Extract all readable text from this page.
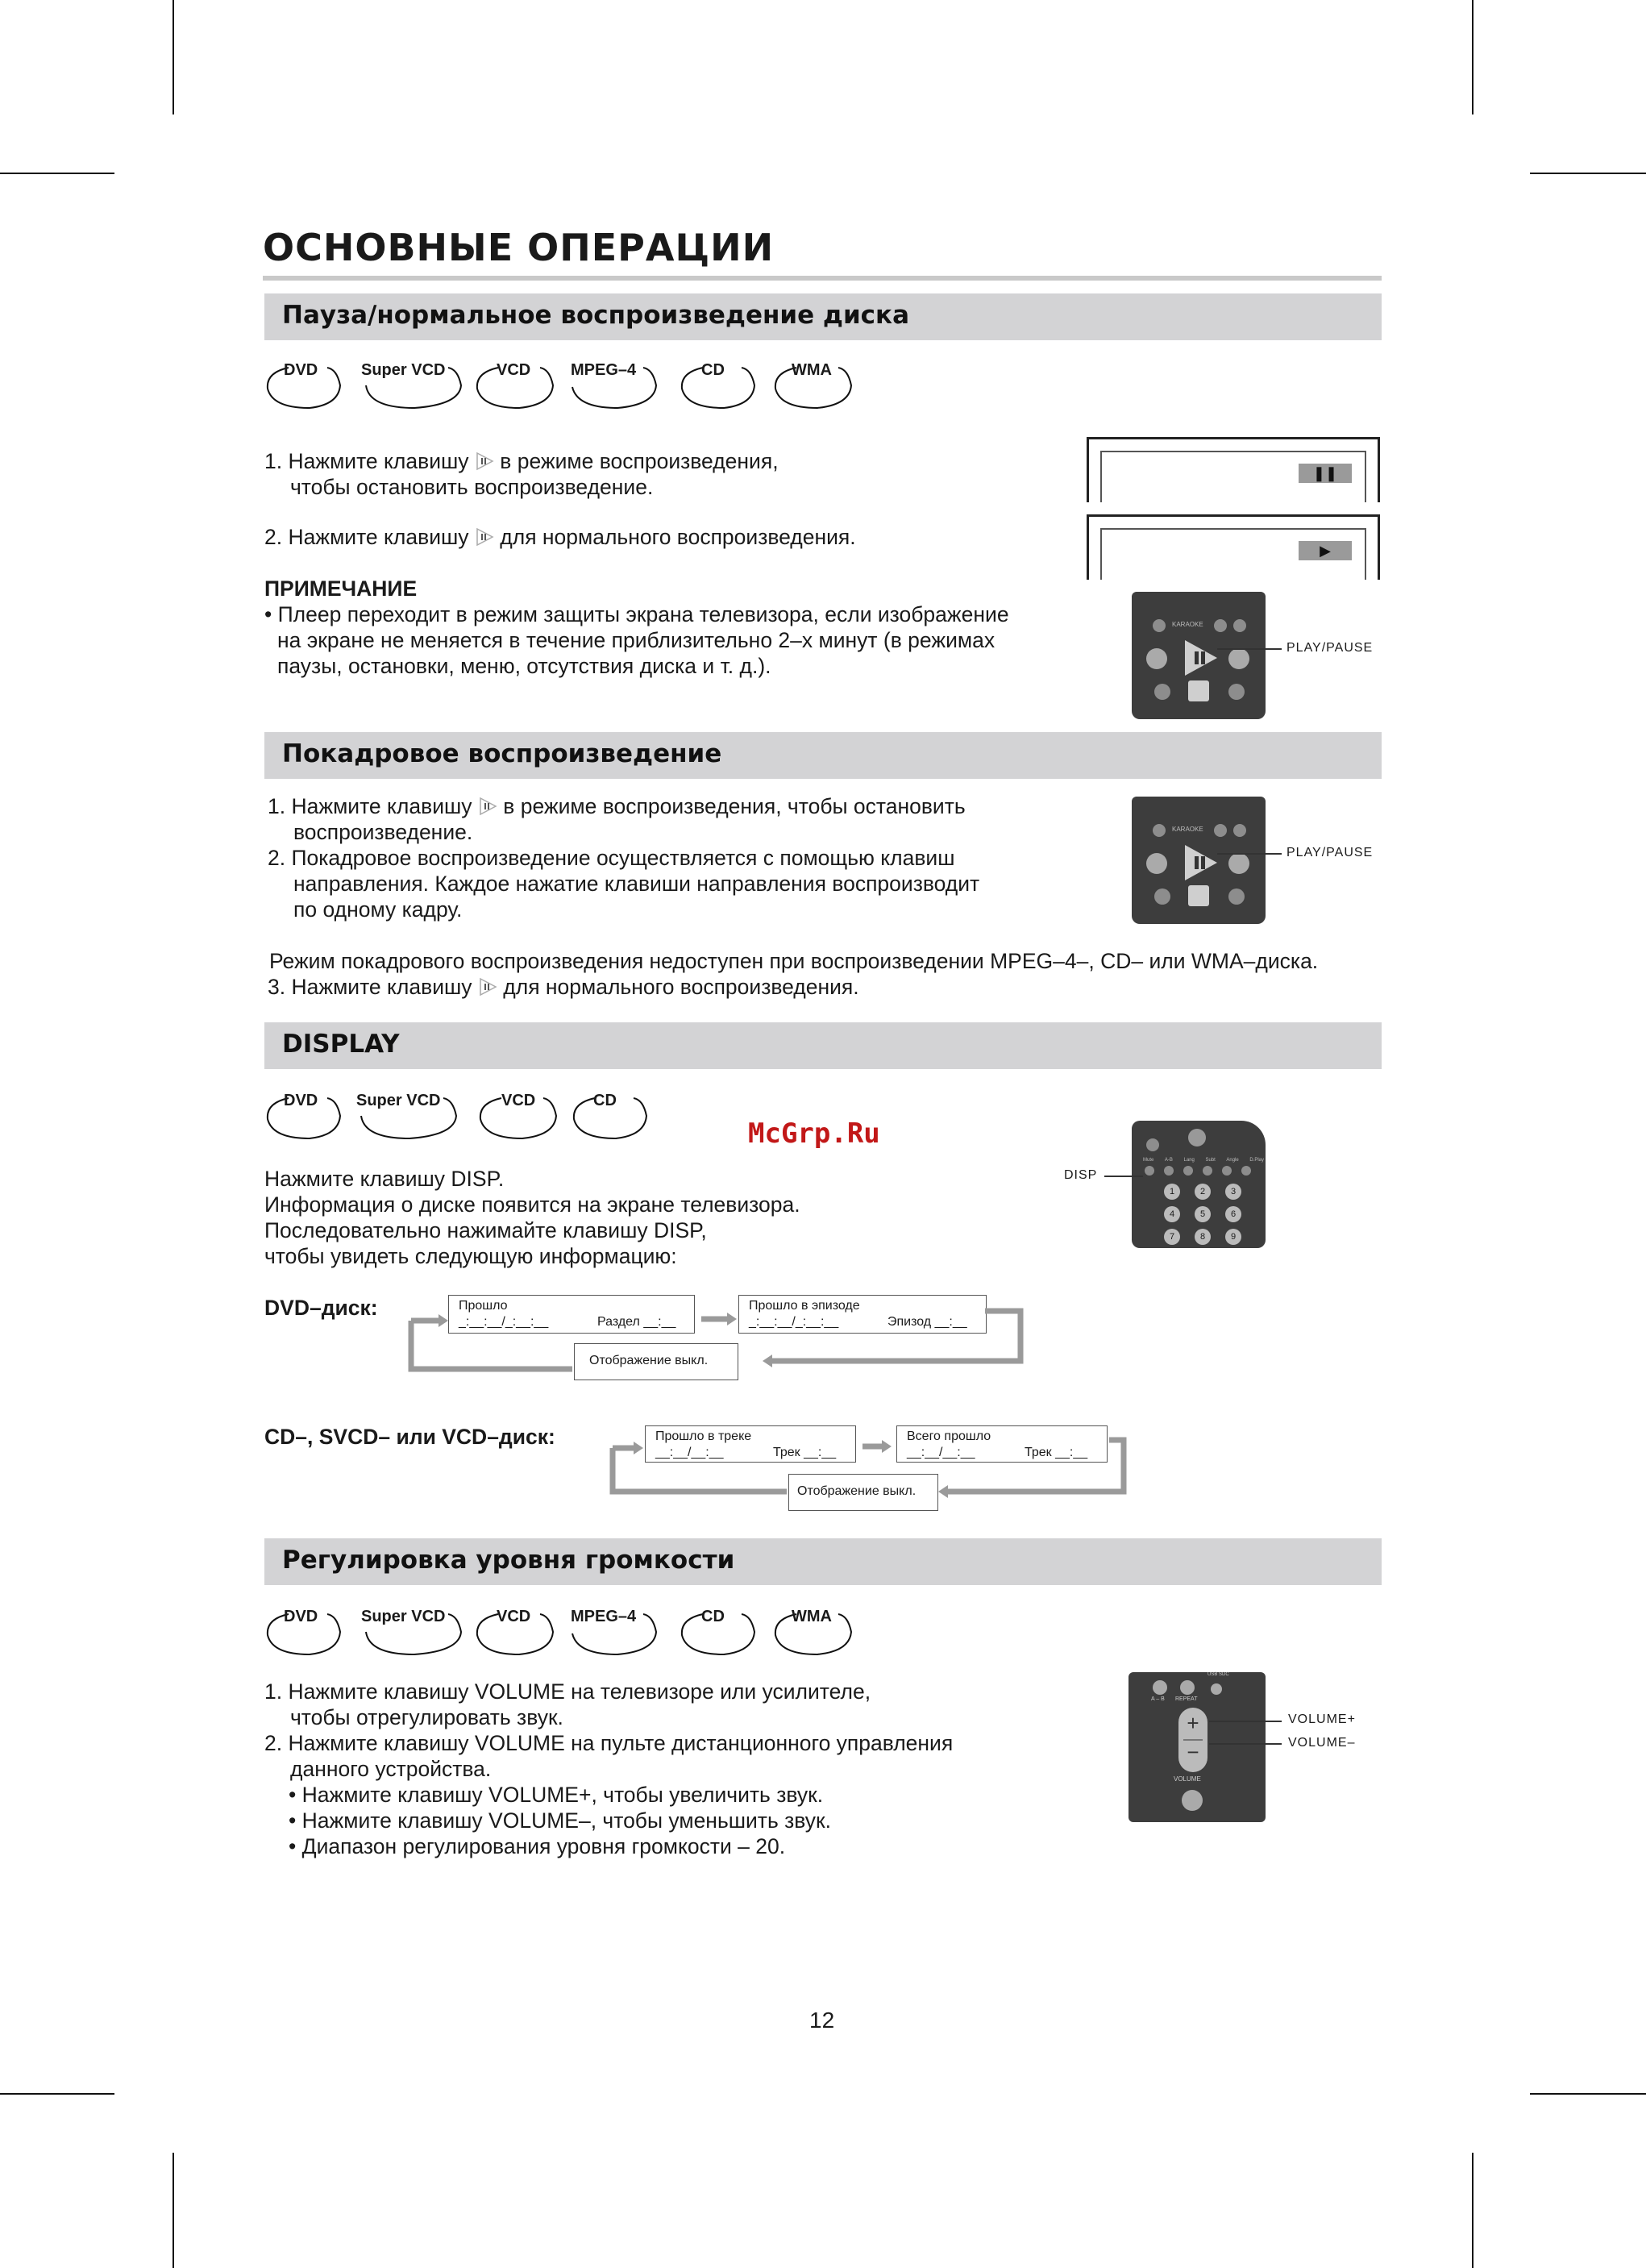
ОСНОВНЫЕ ОПЕРАЦИИ
Пауза/нормальное воспроизведение диска
DVD	Super VCD	VCD MPEG–4	CD	WMA
1. Нажмите клавишу в режиме воспроизведения,
чтобы остановить воспроизведение.
2. Нажмите клавишу для нормального воспроизведения.
ПРИМЕЧАНИЕ
• Плеер переходит в режим защиты экрана телевизора, если изображение
на экране не меняется в течение приблизительно 2–х минут (в режимах
паузы, остановки, меню, отсутствия диска и т. д.).
❚❚
▶
KARAOKE
PLAY/PAUSE
Покадровое воспроизведение
1. Нажмите клавишу в режиме воспроизведения, чтобы остановить
воспроизведение.
2. Покадровое воспроизведение осуществляется с помощью клавиш
направления. Каждое нажатие клавиши направления воспроизводит
по одному кадру.
Режим покадрового воспроизведения недоступен при воспроизведении MPEG–4–, CD– или WMA–диска.
3. Нажмите клавишу для нормального воспроизведения.
KARAOKE
PLAY/PAUSE
DISPLAY
DVD Super VCD	VCD	CD
McGrp.Ru
Нажмите клавишу DISP.
Информация о диске появится на экране телевизора.
Последовательно нажимайте клавишу DISP,
чтобы увидеть следующую информацию:
Mute A-B Lang Subt Angle D.Play
1	2	3
4	5	6
7	8	9
DISP
DVD–диск:	Прошло
_:__:__/_:__:__	Раздел __:__
Прошло в эпизоде
_:__:__/_:__:__	Эпизод __:__
Отображение выкл.
CD–, SVCD– или VCD–диск:	Прошло в треке
__:__/__:__	Трек __:__
Всего прошло
__:__/__:__	Трек __:__
Отображение выкл.
Регулировка уровня громкости
DVD	Super VCD	VCD MPEG–4	CD	WMA
1. Нажмите клавишу VOLUME на телевизоре или усилителе,
чтобы отрегулировать звук.
2. Нажмите клавишу VOLUME на пульте дистанционного управления
данного устройства.
• Нажмите клавишу VOLUME+, чтобы увеличить звук.
• Нажмите клавишу VOLUME–, чтобы уменьшить звук.
• Диапазон регулирования уровня громкости – 20.
USB SDC
A – B REPEAT
+
−
VOLUME
VOLUME+
VOLUME–
12
